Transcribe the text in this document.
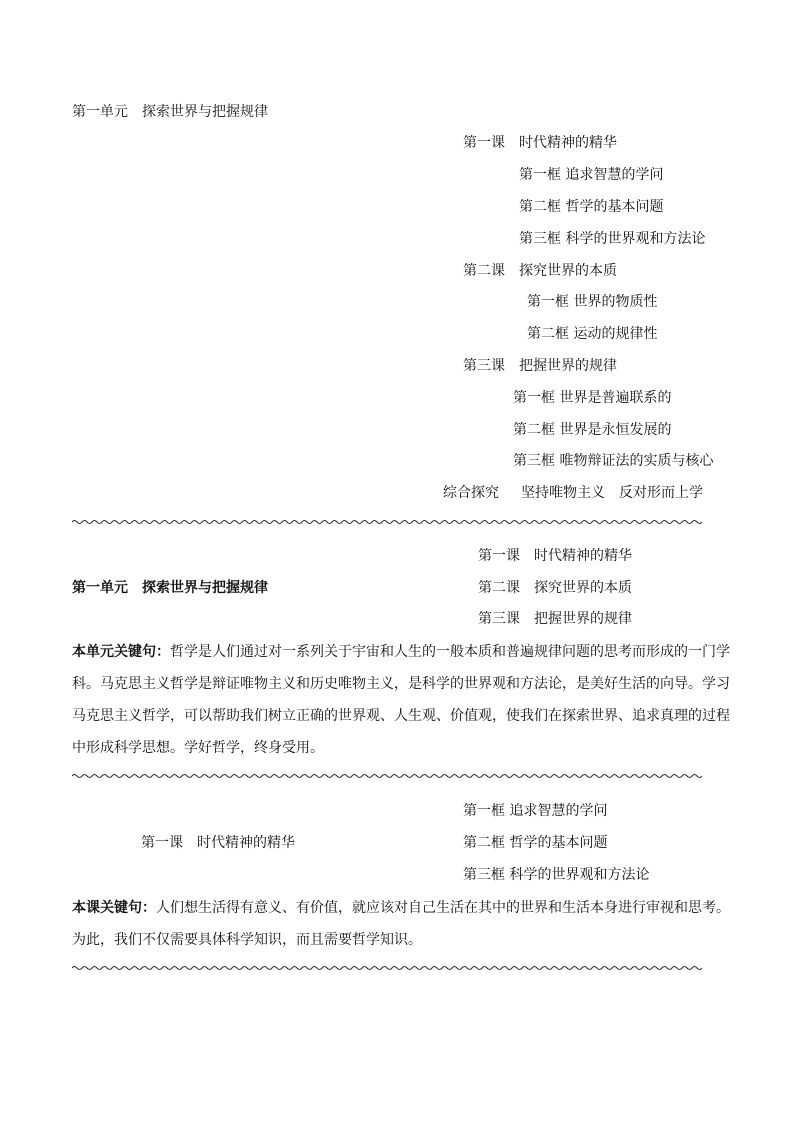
第一单元　探索世界与把握规律
第一课　时代精神的精华
第一框 追求智慧的学问
第二框 哲学的基本问题
第三框 科学的世界观和方法论
第二课　探究世界的本质
第一框 世界的物质性
第二框 运动的规律性
第三课　把握世界的规律
第一框 世界是普遍联系的
第二框 世界是永恒发展的
第三框 唯物辩证法的实质与核心
综合探究 坚持唯物主义　反对形而上学
第一课　时代精神的精华
第一单元　探索世界与把握规律	第二课　探究世界的本质
第三课　把握世界的规律
本单元关键句：哲学是人们通过对一系列关于宇宙和人生的一般本质和普遍规律问题的思考而形成的一门学科。马克思主义哲学是辩证唯物主义和历史唯物主义，是科学的世界观和方法论，是美好生活的向导。学习马克思主义哲学，可以帮助我们树立正确的世界观、人生观、价值观，使我们在探索世界、追求真理的过程中形成科学思想。学好哲学，终身受用。
第一框 追求智慧的学问
第一课　时代精神的精华	第二框 哲学的基本问题
第三框 科学的世界观和方法论
本课关键句：人们想生活得有意义、有价值，就应该对自己生活在其中的世界和生活本身进行审视和思考。为此，我们不仅需要具体科学知识，而且需要哲学知识。
